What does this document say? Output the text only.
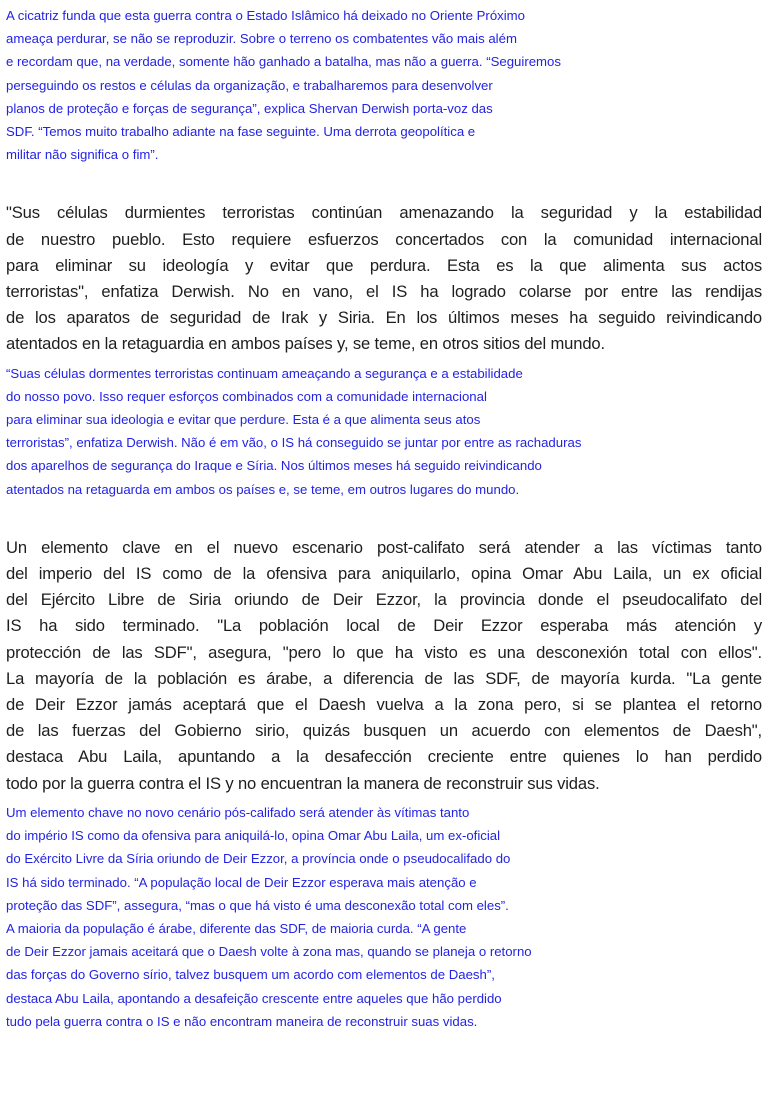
A cicatriz funda que esta guerra contra o Estado Islâmico há deixado no Oriente Próximo
ameaça perdurar, se não se reproduzir. Sobre o terreno os combatentes vão mais além
e recordam que, na verdade, somente hão ganhado a batalha, mas não a guerra. “Seguiremos
perseguindo os restos e células da organização, e trabalharemos para desenvolver
planos de proteção e forças de segurança”, explica Shervan Derwish porta-voz das
SDF. “Temos muito trabalho adiante na fase seguinte. Uma derrota geopolítica e
militar não significa o fim”.

"Sus células durmientes terroristas continúan amenazando la seguridad y la estabilidad
de nuestro pueblo. Esto requiere esfuerzos concertados con la comunidad internacional
para eliminar su ideología y evitar que perdura. Esta es la que alimenta sus actos
terroristas", enfatiza Derwish. No en vano, el IS ha logrado colarse por entre las rendijas
de los aparatos de seguridad de Irak y Siria. En los últimos meses ha seguido reivindicando
atentados en la retaguardia en ambos países y, se teme, en otros sitios del mundo.

“Suas células dormentes terroristas continuam ameaçando a segurança e a estabilidade
do nosso povo. Isso requer esforços combinados com a comunidade internacional
para eliminar sua ideologia e evitar que perdure. Esta é a que alimenta seus atos
terroristas”, enfatiza Derwish. Não é em vão, o IS há conseguido se juntar por entre as rachaduras
dos aparelhos de segurança do Iraque e Síria. Nos últimos meses há seguido reivindicando
atentados na retaguarda em ambos os países e, se teme, em outros lugares do mundo.

Un elemento clave en el nuevo escenario post-califato será atender a las víctimas tanto
del imperio del IS como de la ofensiva para aniquilarlo, opina Omar Abu Laila, un ex oficial
del Ejército Libre de Siria oriundo de Deir Ezzor, la provincia donde el pseudocalifato del
IS ha sido terminado. "La población local de Deir Ezzor esperaba más atención y
protección de las SDF", asegura, "pero lo que ha visto es una desconexión total con ellos".
La mayoría de la población es árabe, a diferencia de las SDF, de mayoría kurda. "La gente
de Deir Ezzor jamás aceptará que el Daesh vuelva a la zona pero, si se plantea el retorno
de las fuerzas del Gobierno sirio, quizás busquen un acuerdo con elementos de Daesh",
destaca Abu Laila, apuntando a la desafección creciente entre quienes lo han perdido
todo por la guerra contra el IS y no encuentran la manera de reconstruir sus vidas.

Um elemento chave no novo cenário pós-califado será atender às vítimas tanto
do império IS como da ofensiva para aniquilá-lo, opina Omar Abu Laila, um ex-oficial
do Exército Livre da Síria oriundo de Deir Ezzor, a província onde o pseudocalifado do
IS há sido terminado. “A população local de Deir Ezzor esperava mais atenção e
proteção das SDF”, assegura, “mas o que há visto é uma desconexão total com eles”.
A maioria da população é árabe, diferente das SDF, de maioria curda. “A gente
de Deir Ezzor jamais aceitará que o Daesh volte à zona mas, quando se planeja o retorno
das forças do Governo sírio, talvez busquem um acordo com elementos de Daesh”,
destaca Abu Laila, apontando a desafeição crescente entre aqueles que hão perdido
tudo pela guerra contra o IS e não encontram maneira de reconstruir suas vidas.
